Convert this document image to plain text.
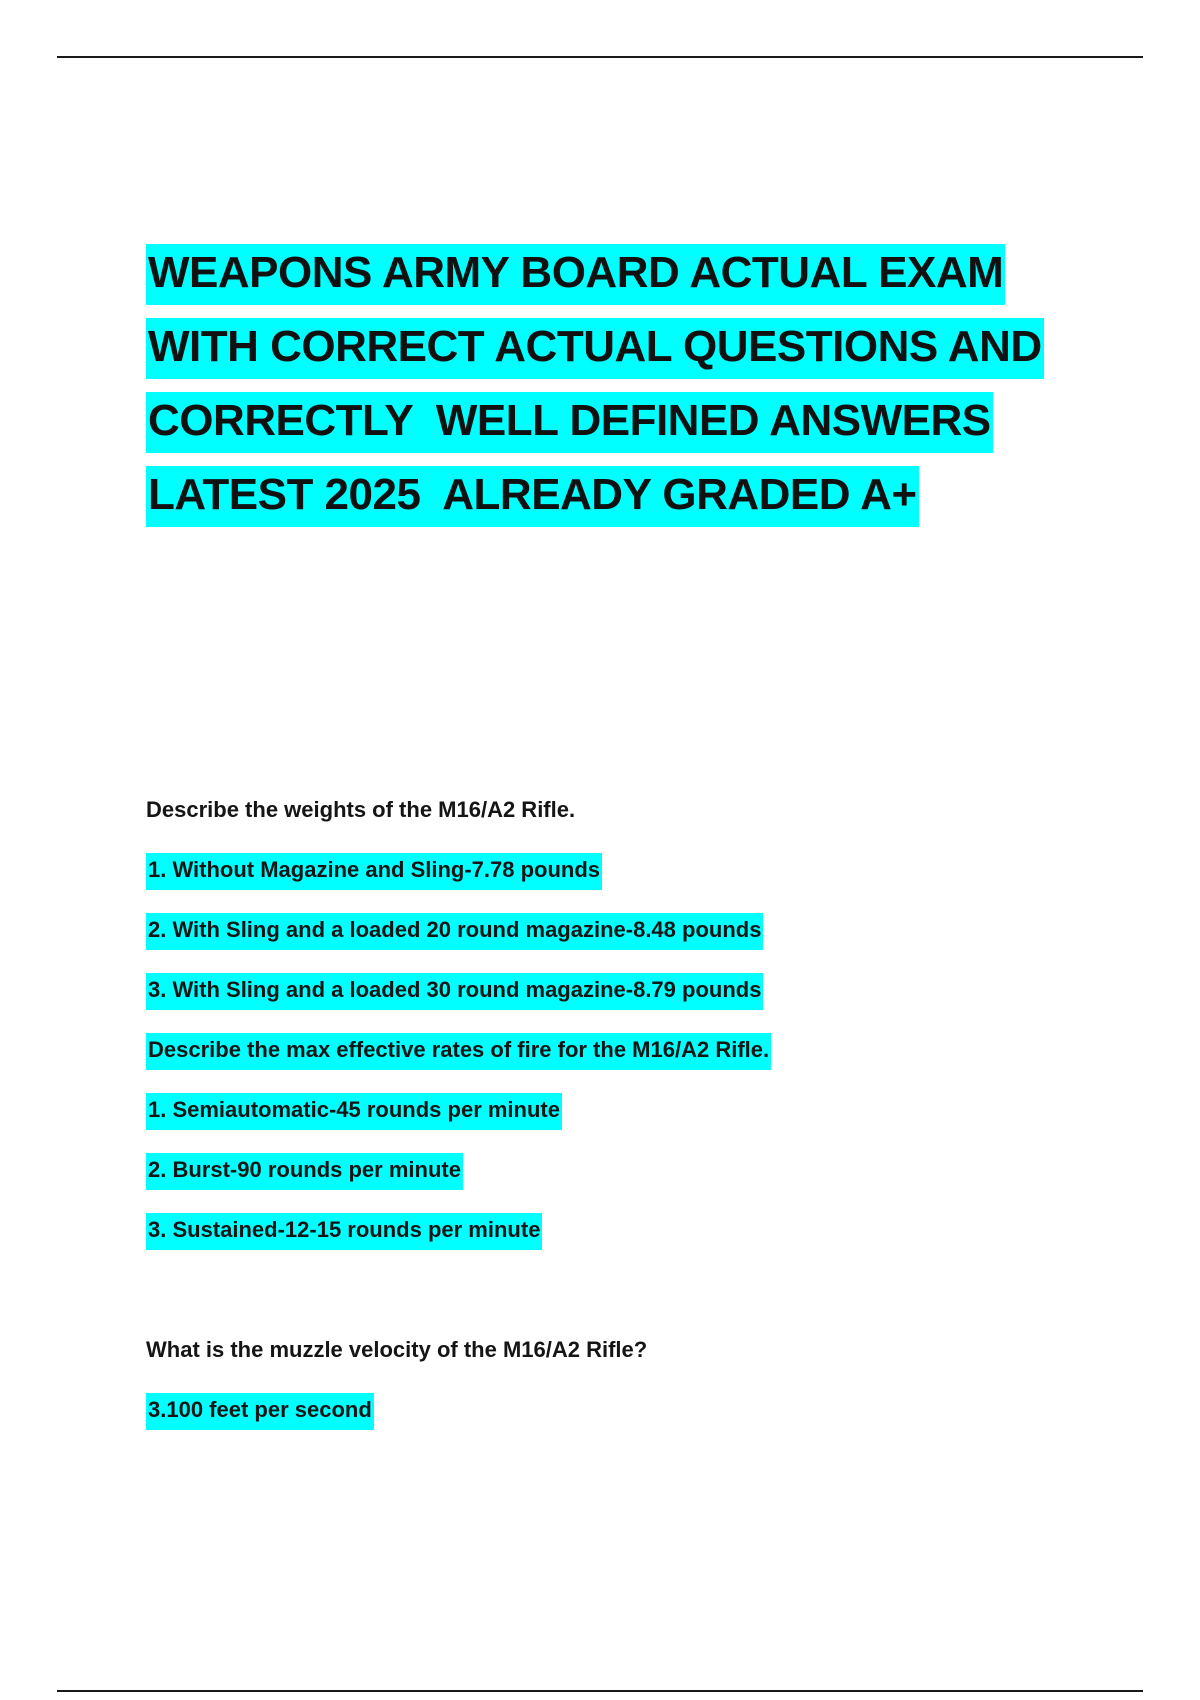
WEAPONS ARMY BOARD ACTUAL EXAM
WITH CORRECT ACTUAL QUESTIONS AND
CORRECTLY  WELL DEFINED ANSWERS
LATEST 2025  ALREADY GRADED A+

Describe the weights of the M16/A2 Rifle.

1. Without Magazine and Sling-7.78 pounds

2. With Sling and a loaded 20 round magazine-8.48 pounds

3. With Sling and a loaded 30 round magazine-8.79 pounds

Describe the max effective rates of fire for the M16/A2 Rifle.

1. Semiautomatic-45 rounds per minute

2. Burst-90 rounds per minute

3. Sustained-12-15 rounds per minute

What is the muzzle velocity of the M16/A2 Rifle?

3.100 feet per second
